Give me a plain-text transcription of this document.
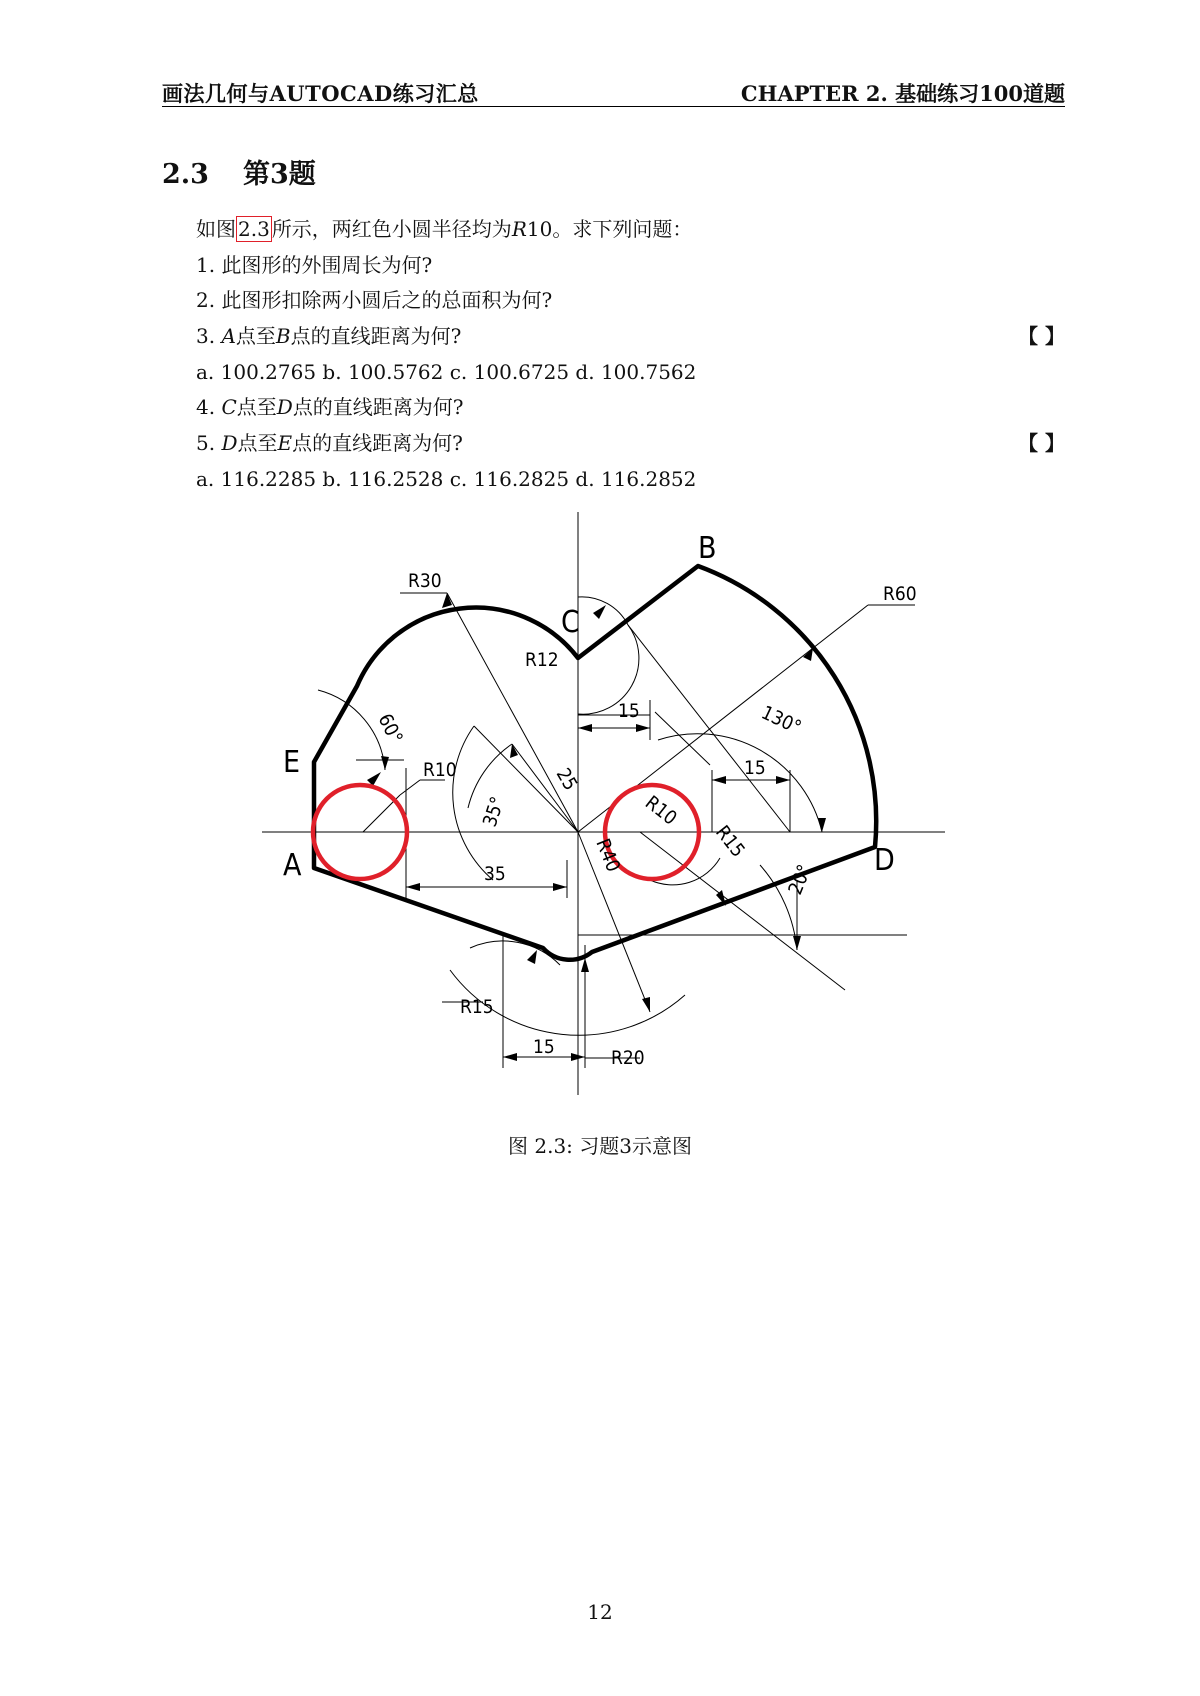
画法几何与AUTOCAD练习汇总	CHAPTER 2. 基础练习100道题
2.3 第3题
如图 2.3 所示，两红色小圆半径均为R10。求下列问题：
1. 此图形的外围周长为何?
2. 此图形扣除两小圆后之的总面积为何?
3. A点至B点的直线距离为何?	【 】
a. 100.2765 b. 100.5762 c. 100.6725 d. 100.7562
4. C点至D点的直线距离为何?
5. D点至E点的直线距离为何?	【 】
a. 116.2285 b. 116.2528 c. 116.2825 d. 116.2852
B
C
E
A	D
R30
R60
R12
R10
15
15
35
15
R15
R20
R10
R40	R15
25
60°
35°
130°
20°
图 2.3: 习题3示意图
12
